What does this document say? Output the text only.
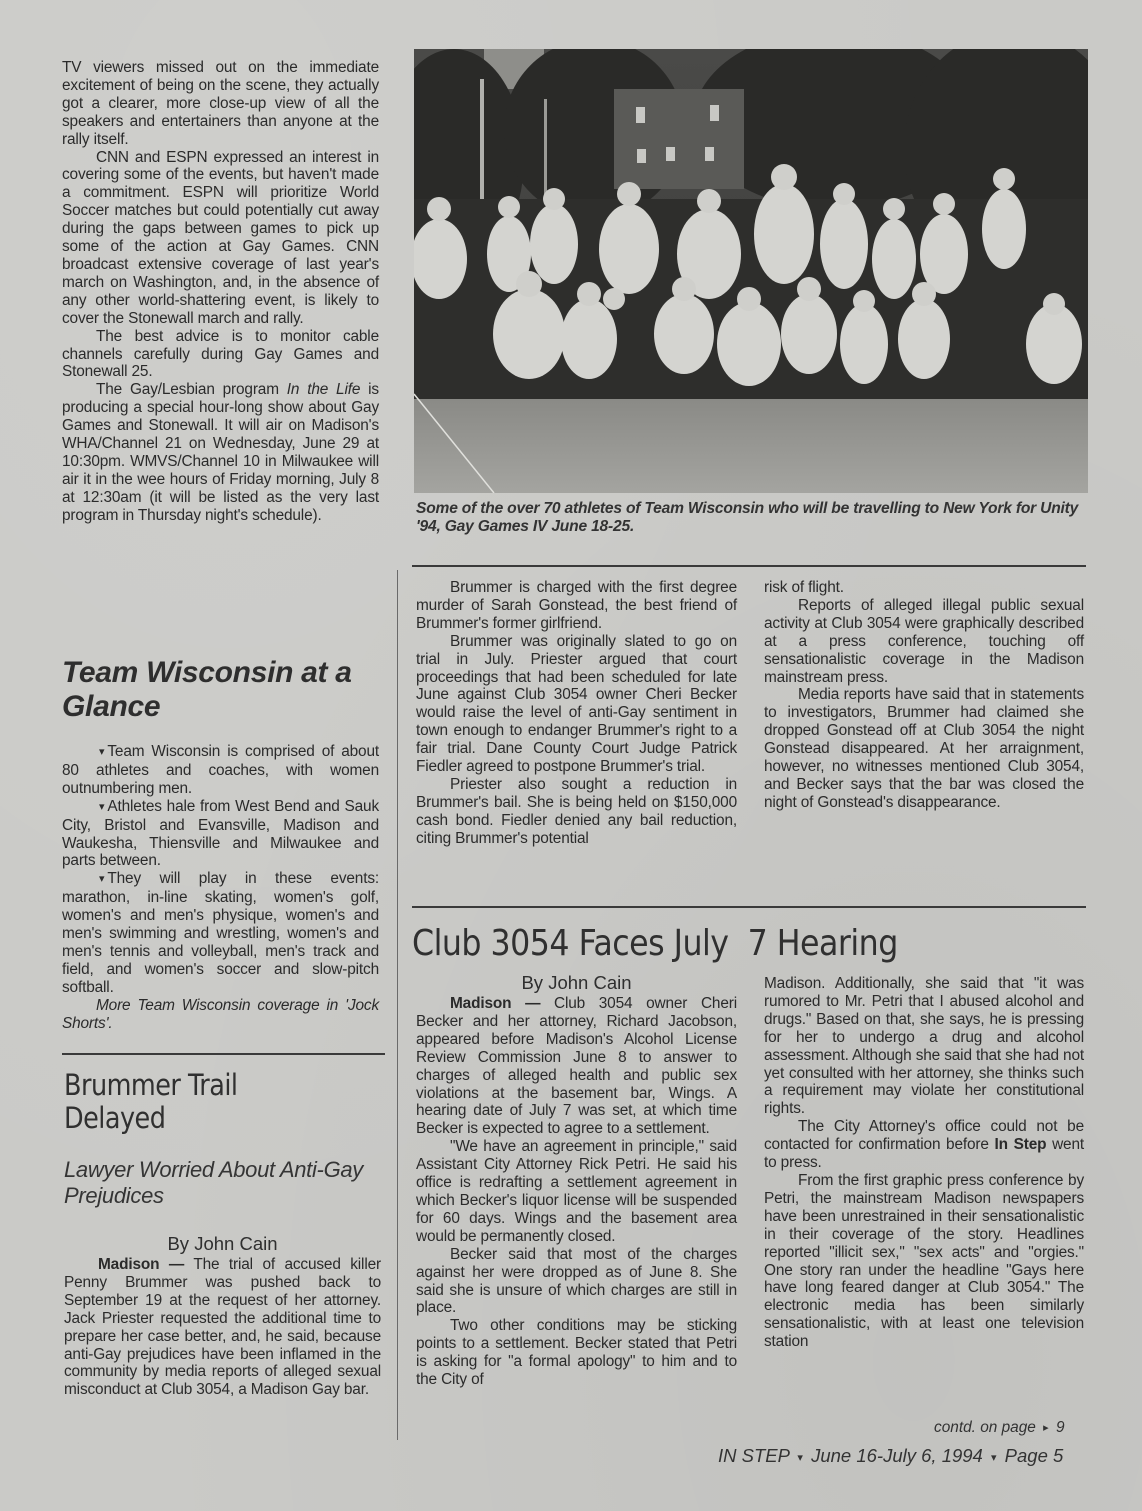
TV viewers missed out on the immediate excitement of being on the scene, they actually got a clearer, more close-up view of all the speakers and entertainers than anyone at the rally itself.

CNN and ESPN expressed an interest in covering some of the events, but haven't made a commitment. ESPN will prioritize World Soccer matches but could potentially cut away during the gaps between games to pick up some of the action at Gay Games. CNN broadcast extensive coverage of last year's march on Washington, and, in the absence of any other world-shattering event, is likely to cover the Stonewall march and rally.

The best advice is to monitor cable channels carefully during Gay Games and Stonewall 25.

The Gay/Lesbian program In the Life is producing a special hour-long show about Gay Games and Stonewall. It will air on Madison's WHA/Channel 21 on Wednesday, June 29 at 10:30pm. WMVS/Channel 10 in Milwaukee will air it in the wee hours of Friday morning, July 8 at 12:30am (it will be listed as the very last program in Thursday night's schedule).

Team Wisconsin at a Glance

▾ Team Wisconsin is comprised of about 80 athletes and coaches, with women outnumbering men.

▾ Athletes hale from West Bend and Sauk City, Bristol and Evansville, Madison and Waukesha, Thiensville and Milwaukee and parts between.

▾ They will play in these events: marathon, in-line skating, women's golf, women's and men's physique, women's and men's swimming and wrestling, women's and men's tennis and volleyball, men's track and field, and women's soccer and slow-pitch softball.

More Team Wisconsin coverage in 'Jock Shorts'.

Brummer Trail Delayed

Lawyer Worried About Anti-Gay Prejudices

By John Cain

Madison — The trial of accused killer Penny Brummer was pushed back to September 19 at the request of her attorney. Jack Priester requested the additional time to prepare her case better, and, he said, because anti-Gay prejudices have been inflamed in the community by media reports of alleged sexual misconduct at Club 3054, a Madison Gay bar.

Some of the over 70 athletes of Team Wisconsin who will be travelling to New York for Unity '94, Gay Games IV June 18-25.

Brummer is charged with the first degree murder of Sarah Gonstead, the best friend of Brummer's former girlfriend.

Brummer was originally slated to go on trial in July. Priester argued that court proceedings that had been scheduled for late June against Club 3054 owner Cheri Becker would raise the level of anti-Gay sentiment in town enough to endanger Brummer's right to a fair trial. Dane County Court Judge Patrick Fiedler agreed to postpone Brummer's trial.

Priester also sought a reduction in Brummer's bail. She is being held on $150,000 cash bond. Fiedler denied any bail reduction, citing Brummer's potential

risk of flight.

Reports of alleged illegal public sexual activity at Club 3054 were graphically described at a press conference, touching off sensationalistic coverage in the Madison mainstream press.

Media reports have said that in statements to investigators, Brummer had claimed she dropped Gonstead off at Club 3054 the night Gonstead disappeared. At her arraignment, however, no witnesses mentioned Club 3054, and Becker says that the bar was closed the night of Gonstead's disappearance.

Club 3054 Faces July  7 Hearing

By John Cain

Madison — Club 3054 owner Cheri Becker and her attorney, Richard Jacobson, appeared before Madison's Alcohol License Review Commission June 8 to answer to charges of alleged health and public sex violations at the basement bar, Wings. A hearing date of July 7 was set, at which time Becker is expected to agree to a settlement.

"We have an agreement in principle," said Assistant City Attorney Rick Petri. He said his office is redrafting a settlement agreement in which Becker's liquor license will be suspended for 60 days. Wings and the basement area would be permanently closed.

Becker said that most of the charges against her were dropped as of June 8. She said she is unsure of which charges are still in place.

Two other conditions may be sticking points to a settlement. Becker stated that Petri is asking for "a formal apology" to him and to the City of

Madison. Additionally, she said that "it was rumored to Mr. Petri that I abused alcohol and drugs." Based on that, she says, he is pressing for her to undergo a drug and alcohol assessment. Although she said that she had not yet consulted with her attorney, she thinks such a requirement may violate her constitutional rights.

The City Attorney's office could not be contacted for confirmation before In Step went to press.

From the first graphic press conference by Petri, the mainstream Madison newspapers have been unrestrained in their sensationalistic in their coverage of the story. Headlines reported "illicit sex," "sex acts" and "orgies." One story ran under the headline "Gays here have long feared danger at Club 3054." The electronic media has been similarly sensationalistic, with at least one television station

contd. on page ▸ 9
IN STEP ▾ June 16-July 6, 1994 ▾ Page 5
